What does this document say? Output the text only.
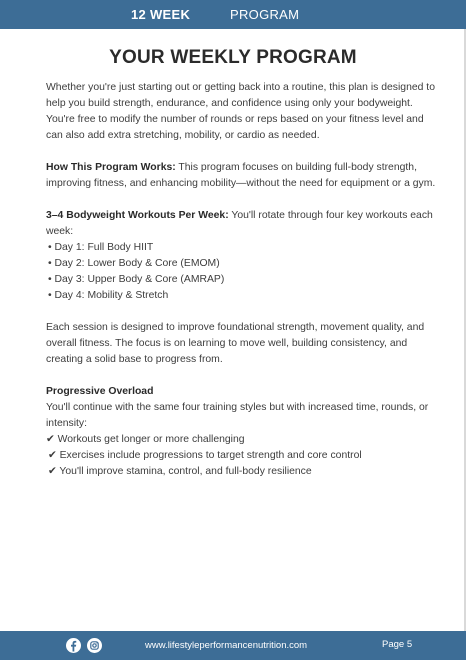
12 WEEK	PROGRAM
YOUR WEEKLY PROGRAM

Whether you're just starting out or getting back into a routine, this plan is designed to help you build strength, endurance, and confidence using only your bodyweight. You're free to modify the number of rounds or reps based on your fitness level and can also add extra stretching, mobility, or cardio as needed.

How This Program Works: This program focuses on building full-body strength, improving fitness, and enhancing mobility—without the need for equipment or a gym.

3–4 Bodyweight Workouts Per Week: You'll rotate through four key workouts each week:
• Day 1: Full Body HIIT
• Day 2: Lower Body & Core (EMOM)
• Day 3: Upper Body & Core (AMRAP)
• Day 4: Mobility & Stretch

Each session is designed to improve foundational strength, movement quality, and overall fitness. The focus is on learning to move well, building consistency, and creating a solid base to progress from.

Progressive Overload
You'll continue with the same four training styles but with increased time, rounds, or intensity:
✔ Workouts get longer or more challenging
✔ Exercises include progressions to target strength and core control
✔ You'll improve stamina, control, and full-body resilience

www.lifestyleperformancenutrition.com	Page 5
